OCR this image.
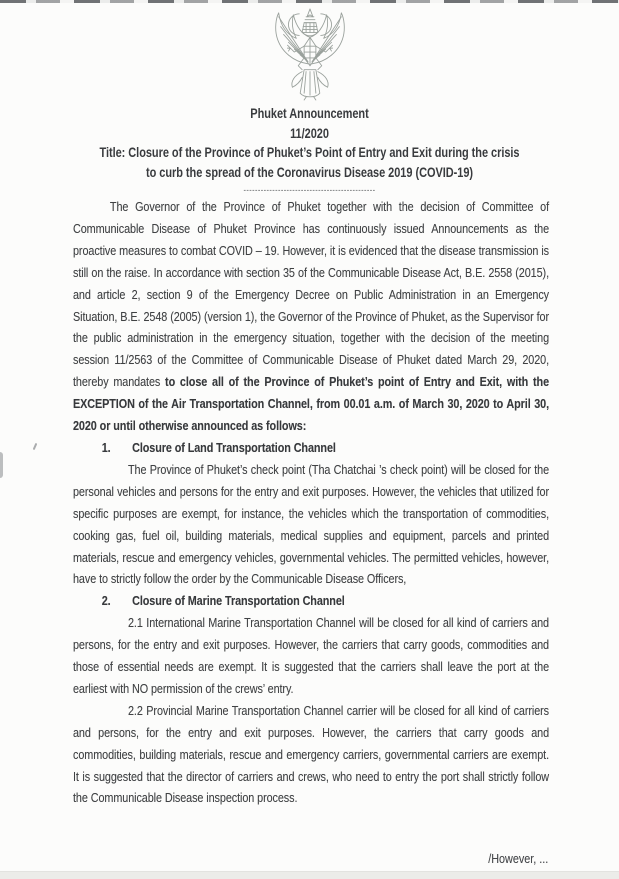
Phuket Announcement
11/2020
Title: Closure of the Province of Phuket’s Point of Entry and Exit during the crisis
to curb the spread of the Coronavirus Disease 2019 (COVID-19)
----------------------------------------------

The Governor of the Province of Phuket together with the decision of Committee of Communicable Disease of Phuket Province has continuously issued Announcements as the proactive measures to combat COVID – 19. However, it is evidenced that the disease transmission is still on the raise. In accordance with section 35 of the Communicable Disease Act, B.E. 2558 (2015), and article 2, section 9 of the Emergency Decree on Public Administration in an Emergency Situation, B.E. 2548 (2005) (version 1), the Governor of the Province of Phuket, as the Supervisor for the public administration in the emergency situation, together with the decision of the meeting session 11/2563 of the Committee of Communicable Disease of Phuket dated March 29, 2020, thereby mandates to close all of the Province of Phuket’s point of Entry and Exit, with the EXCEPTION of the Air Transportation Channel, from 00.01 a.m. of March 30, 2020 to April 30, 2020 or until otherwise announced as follows:

1. Closure of Land Transportation Channel

The Province of Phuket’s check point (Tha Chatchai ’s check point) will be closed for the personal vehicles and persons for the entry and exit purposes. However, the vehicles that utilized for specific purposes are exempt, for instance, the vehicles which the transportation of commodities, cooking gas, fuel oil, building materials, medical supplies and equipment, parcels and printed materials, rescue and emergency vehicles, governmental vehicles. The permitted vehicles, however, have to strictly follow the order by the Communicable Disease Officers,

2. Closure of Marine Transportation Channel

2.1 International Marine Transportation Channel will be closed for all kind of carriers and persons, for the entry and exit purposes. However, the carriers that carry goods, commodities and those of essential needs are exempt. It is suggested that the carriers shall leave the port at the earliest with NO permission of the crews’ entry.

2.2 Provincial Marine Transportation Channel carrier will be closed for all kind of carriers and persons, for the entry and exit purposes. However, the carriers that carry goods and commodities, building materials, rescue and emergency carriers, governmental carriers are exempt. It is suggested that the director of carriers and crews, who need to entry the port shall strictly follow the Communicable Disease inspection process.

/However, ...
